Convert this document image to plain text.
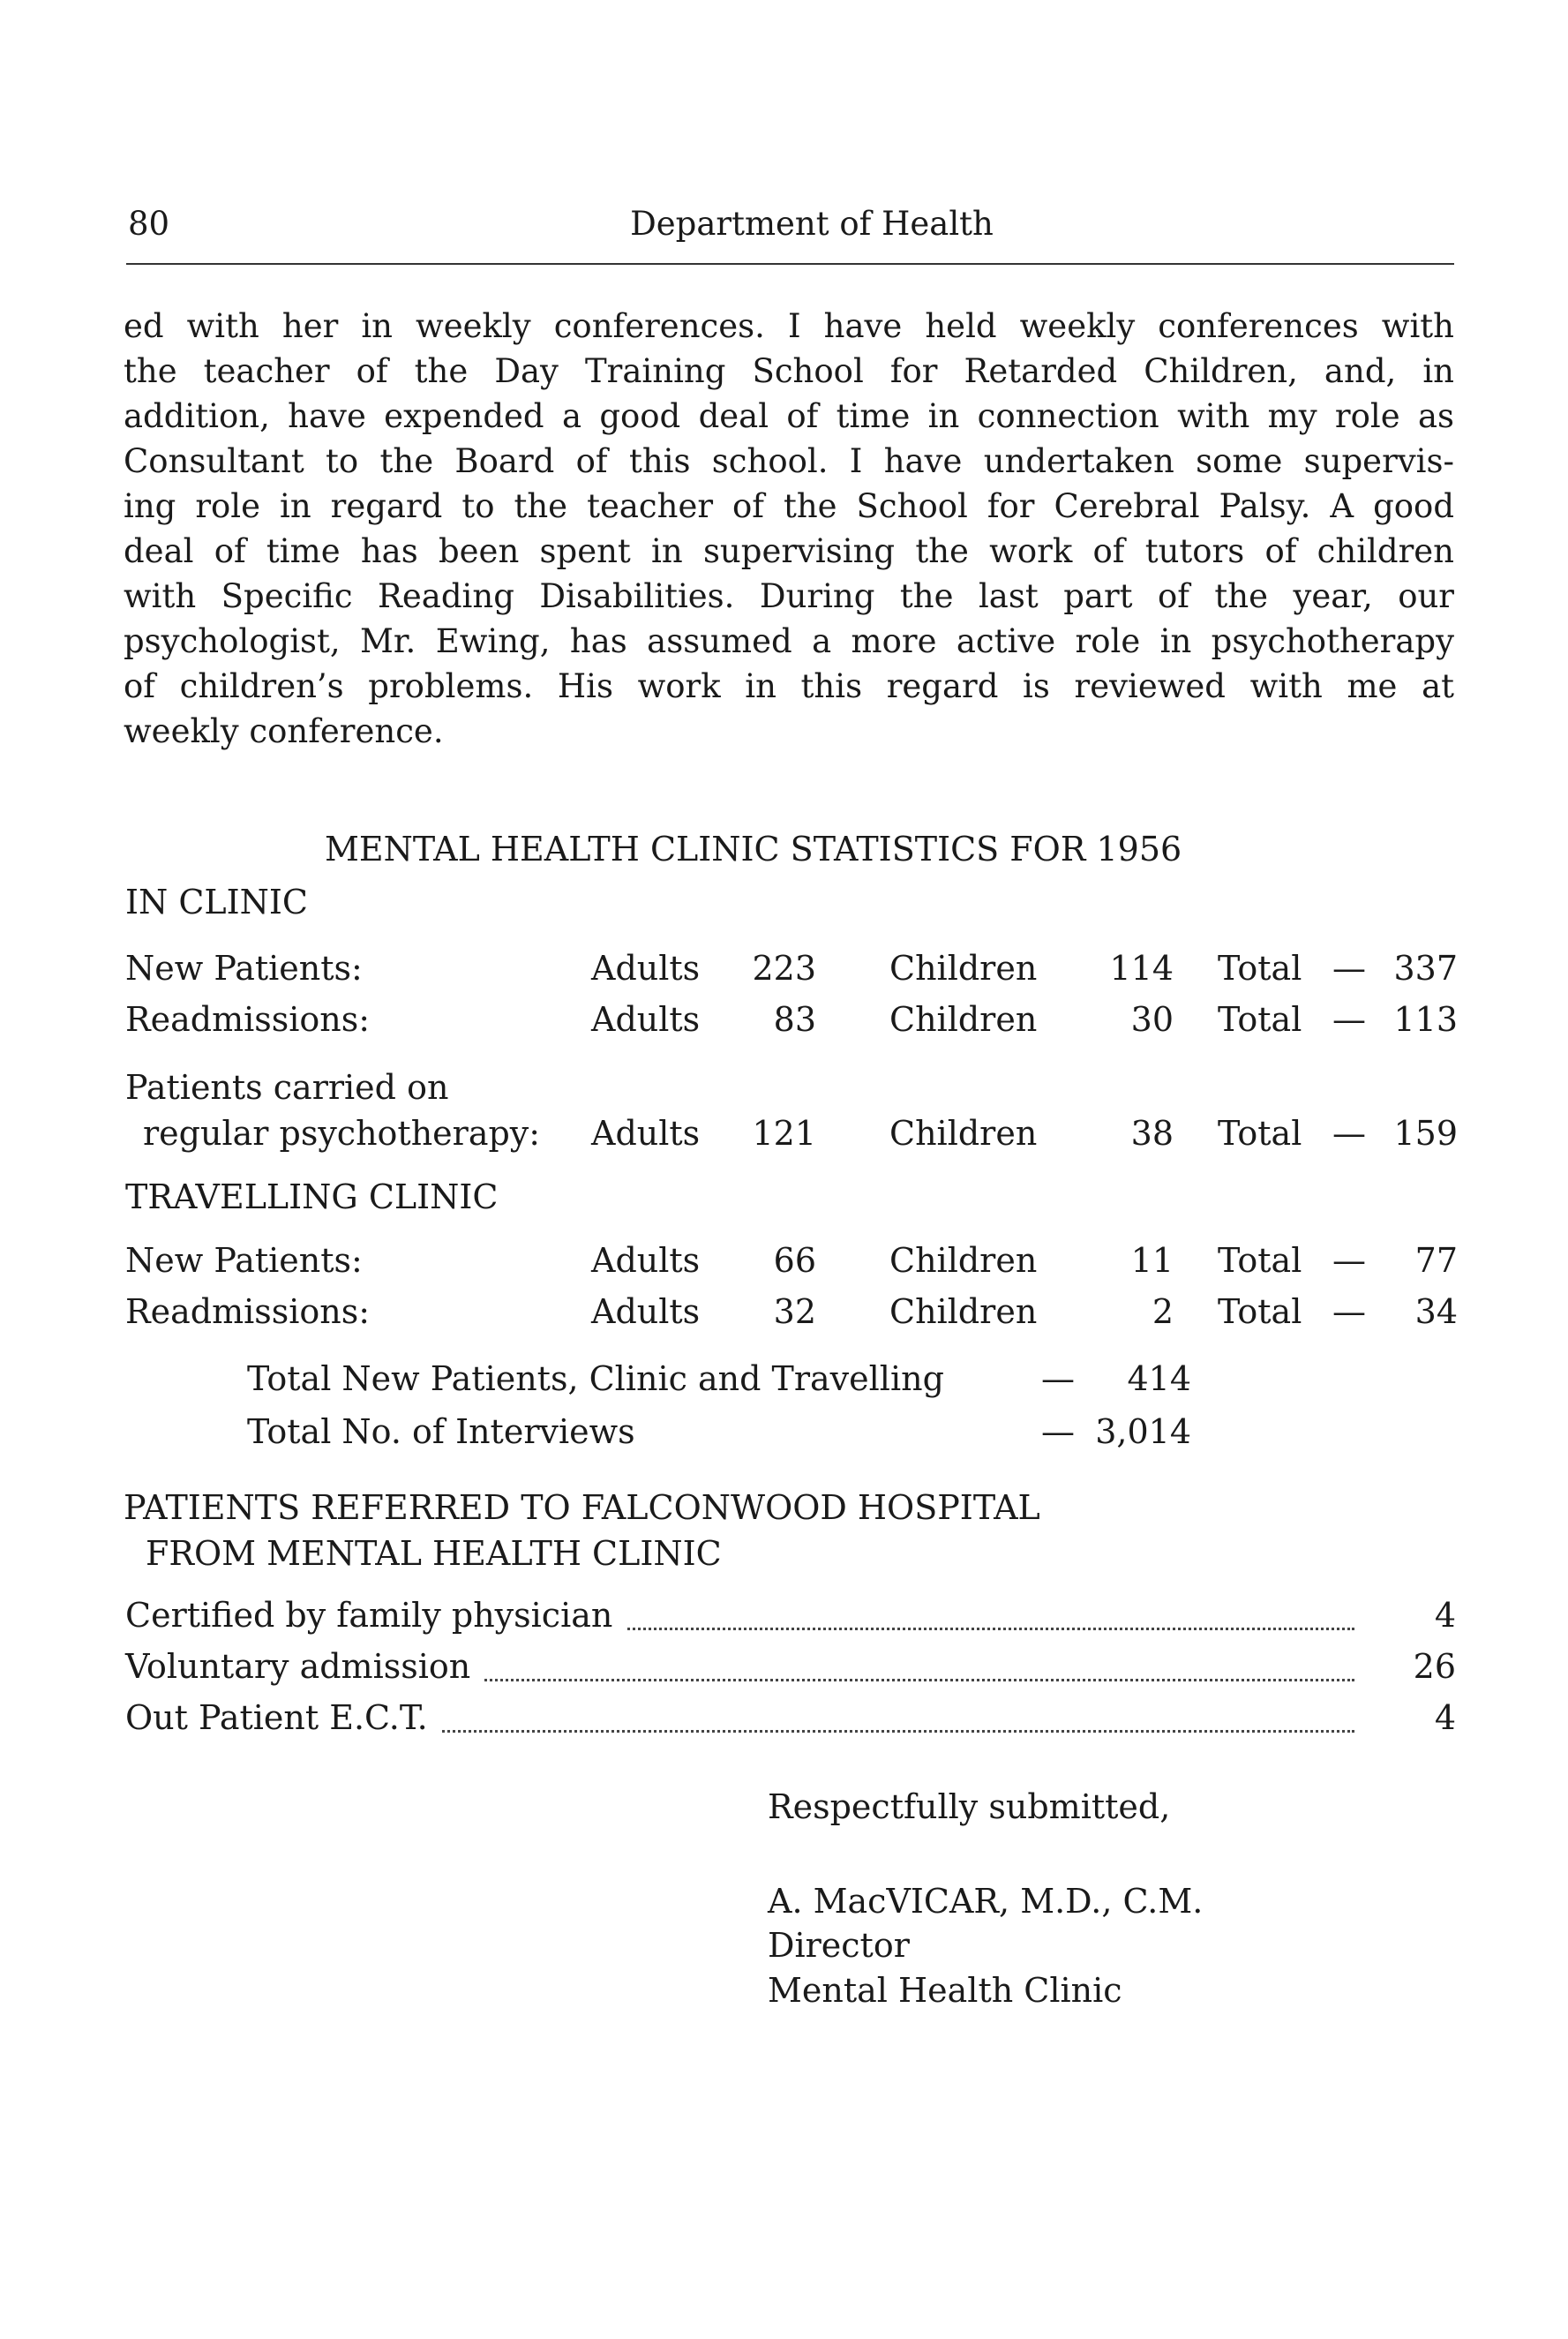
80	Department of Health
ed with her in weekly conferences. I have held weekly conferences with
the teacher of the Day Training School for Retarded Children, and, in
addition, have expended a good deal of time in connection with my role as
Consultant to the Board of this school. I have undertaken some supervis-
ing role in regard to the teacher of the School for Cerebral Palsy. A good
deal of time has been spent in supervising the work of tutors of children
with Specific Reading Disabilities. During the last part of the year, our
psychologist, Mr. Ewing, has assumed a more active role in psychotherapy
of children’s problems. His work in this regard is reviewed with me at
weekly conference.
MENTAL HEALTH CLINIC STATISTICS FOR 1956
IN CLINIC
New Patients:	Adults	223 Children	114 Total — 337
Readmissions:	Adults	83 Children	30 Total — 113
Patients carried on
regular psychotherapy: Adults	121 Children	38 Total — 159
TRAVELLING CLINIC
New Patients:	Adults	66 Children	11 Total —	77
Readmissions:	Adults	32 Children	2 Total —	34
Total New Patients, Clinic and Travelling	—	414
Total No. of Interviews	— 3,014
PATIENTS REFERRED TO FALCONWOOD HOSPITAL
FROM MENTAL HEALTH CLINIC
Certified by family physician	4
Voluntary admission	26
Out Patient E.C.T.	4
Respectfully submitted,
A. MacVICAR, M.D., C.M.
Director
Mental Health Clinic
